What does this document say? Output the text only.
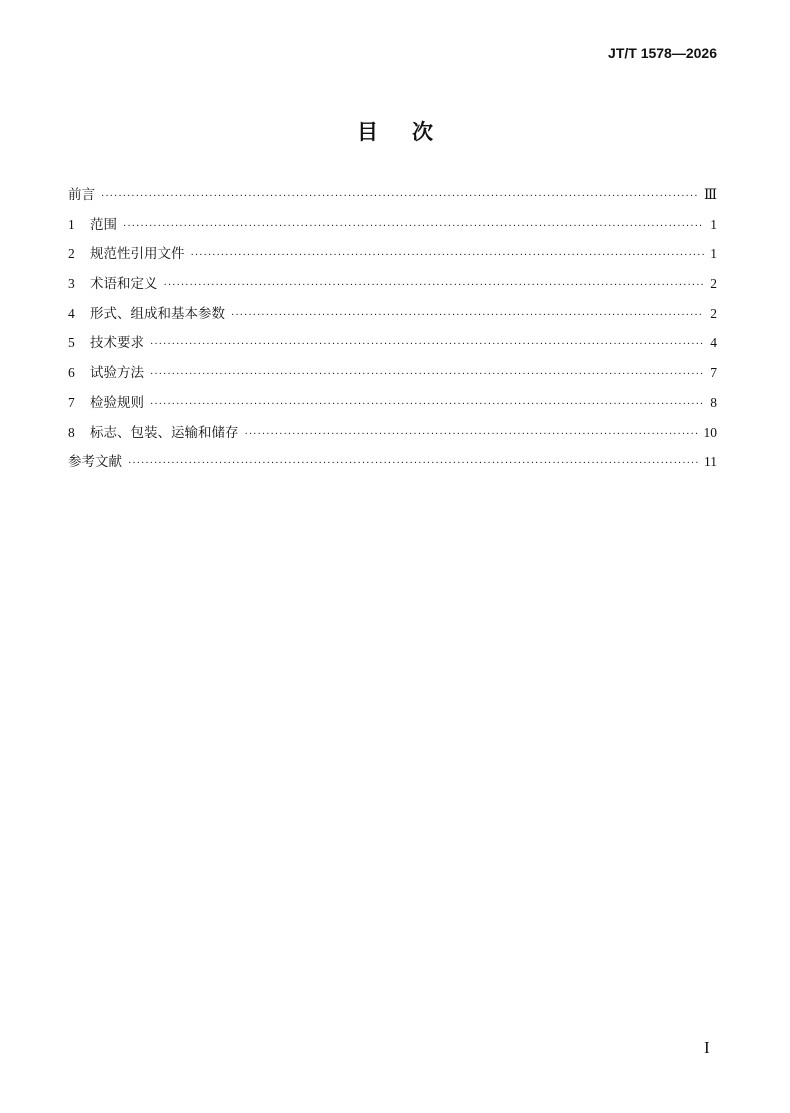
JT/T 1578—2026
目次
前言 ·····	Ⅲ
1	范围 ·····	1
2	规范性引用文件 ·····	1
3	术语和定义 ·····	2
4	形式、组成和基本参数 ·····	2
5	技术要求 ·····	4
6	试验方法 ·····	7
7	检验规则 ·····	8
8	标志、包装、运输和储存 ·····	10
参考文献 ·····	11
I
